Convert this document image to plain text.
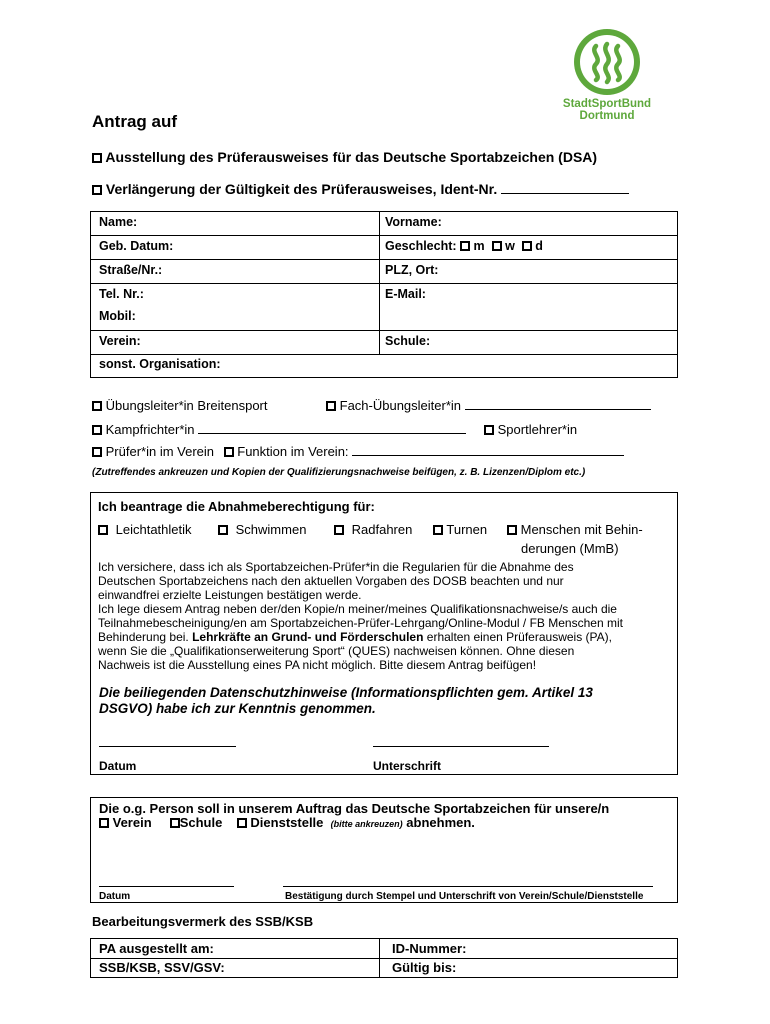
StadtSportBund
Dortmund
Antrag auf
Ausstellung des Prüferausweises für das Deutsche Sportabzeichen (DSA)
Verlängerung der Gültigkeit des Prüferausweises, Ident-Nr.
Name:	Vorname:
Geb. Datum:	Geschlecht: m w d
Straße/Nr.:	PLZ, Ort:
Tel. Nr.:	E-Mail:
Mobil:
Verein:	Schule:
sonst. Organisation:
Übungsleiter*in Breitensport	Fach-Übungsleiter*in
Kampfrichter*in	Sportlehrer*in
Prüfer*in im Verein Funktion im Verein:
(Zutreffendes ankreuzen und Kopien der Qualifizierungsnachweise beifügen, z. B. Lizenzen/Diplom etc.)
Ich beantrage die Abnahmeberechtigung für:
Leichtathletik	Schwimmen	Radfahren	Turnen	Menschen mit Behin-
derungen (MmB)
Ich versichere, dass ich als Sportabzeichen-Prüfer*in die Regularien für die Abnahme des
Deutschen Sportabzeichens nach den aktuellen Vorgaben des DOSB beachten und nur
einwandfrei erzielte Leistungen bestätigen werde.
Ich lege diesem Antrag neben der/den Kopie/n meiner/meines Qualifikationsnachweise/s auch die
Teilnahmebescheinigung/en am Sportabzeichen-Prüfer-Lehrgang/Online-Modul / FB Menschen mit
Behinderung bei. Lehrkräfte an Grund- und Förderschulen erhalten einen Prüferausweis (PA),
wenn Sie die „Qualifikationserweiterung Sport“ (QUES) nachweisen können. Ohne diesen
Nachweis ist die Ausstellung eines PA nicht möglich. Bitte diesem Antrag beifügen!
Die beiliegenden Datenschutzhinweise (Informationspflichten gem. Artikel 13
DSGVO) habe ich zur Kenntnis genommen.
Datum	Unterschrift
Die o.g. Person soll in unserem Auftrag das Deutsche Sportabzeichen für unsere/n
Verein Schule Dienststelle (bitte ankreuzen) abnehmen.
Datum	Bestätigung durch Stempel und Unterschrift von Verein/Schule/Dienststelle
Bearbeitungsvermerk des SSB/KSB
PA ausgestellt am:	ID-Nummer:
SSB/KSB, SSV/GSV:	Gültig bis:
